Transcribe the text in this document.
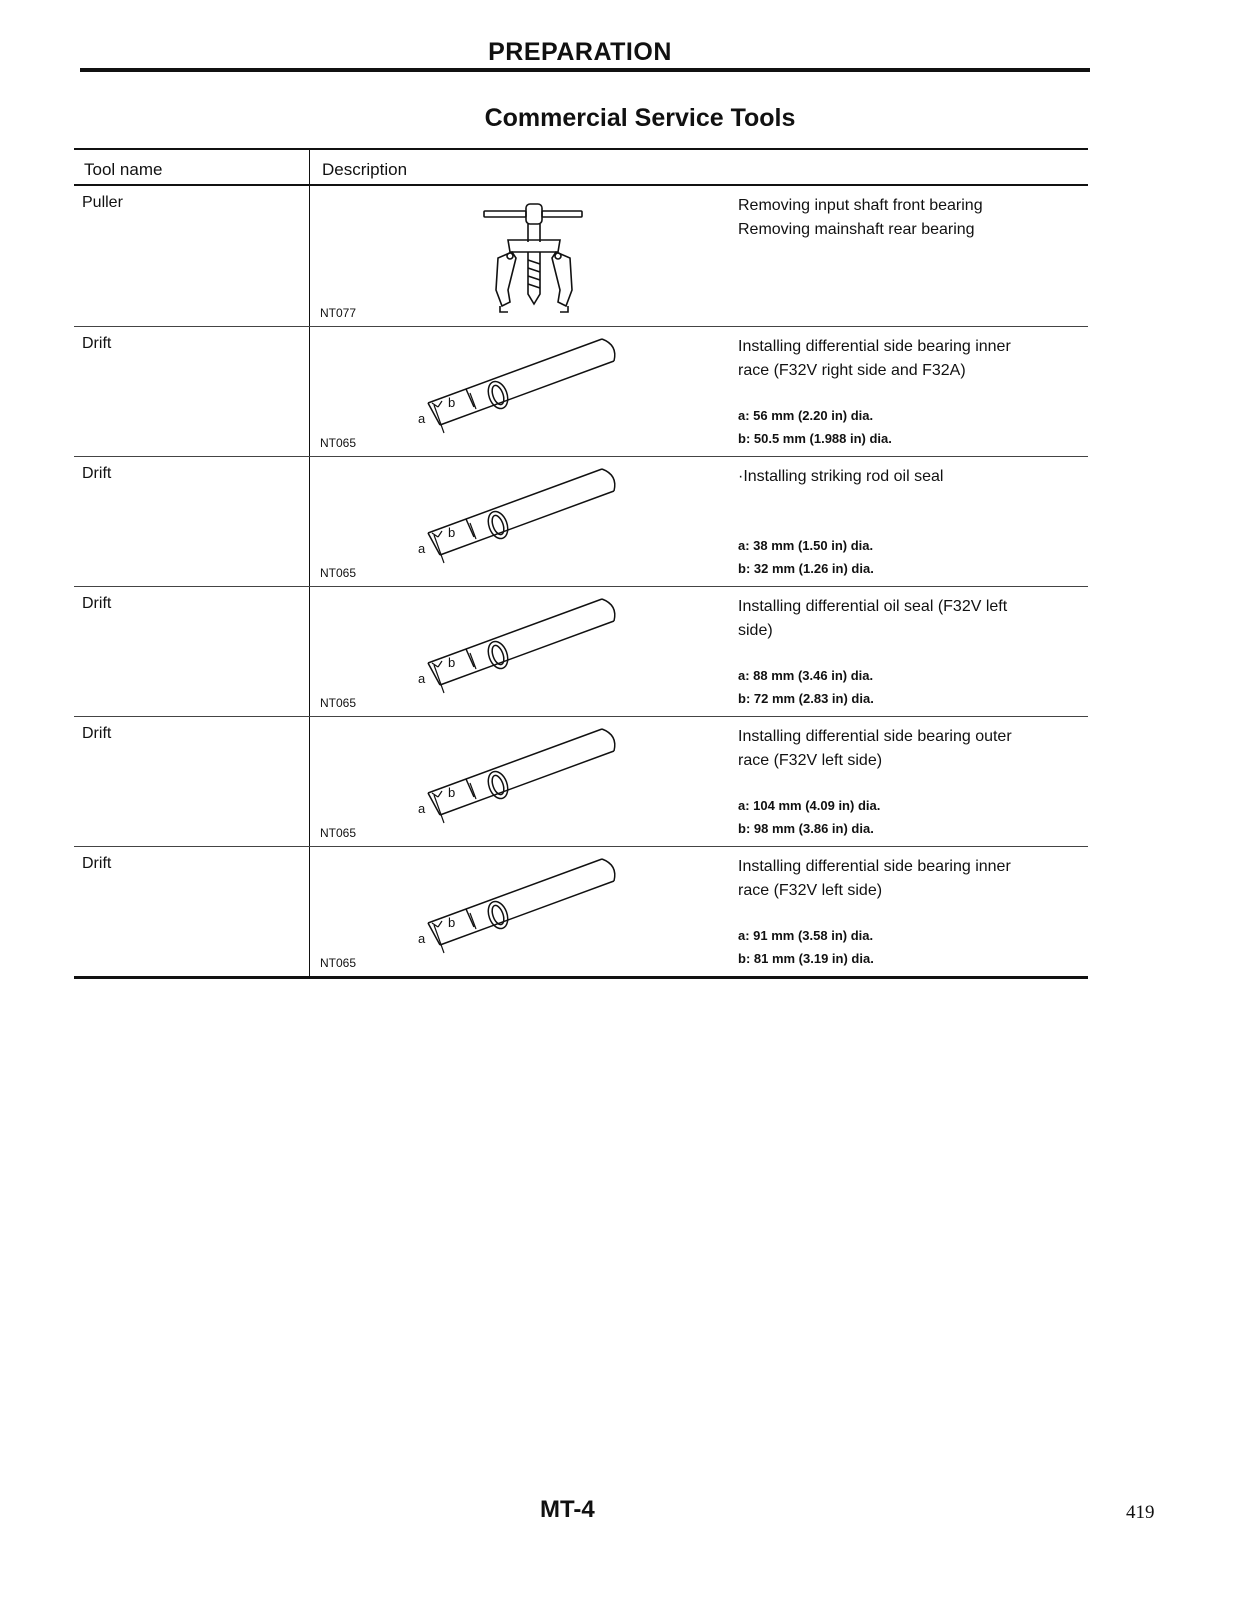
PREPARATION
Commercial Service Tools
Tool name	Description
Puller
NT077
Removing input shaft front bearing
Removing mainshaft rear bearing
Drift
NT065
a
b
Installing differential side bearing inner
race (F32V right side and F32A)
a: 56 mm (2.20 in) dia.
b: 50.5 mm (1.988 in) dia.
Drift
NT065
a
b
·Installing striking rod oil seal
a: 38 mm (1.50 in) dia.
b: 32 mm (1.26 in) dia.
Drift
NT065
a
b
Installing differential oil seal (F32V left
side)
a: 88 mm (3.46 in) dia.
b: 72 mm (2.83 in) dia.
Drift
NT065
a
b
Installing differential side bearing outer
race (F32V left side)
a: 104 mm (4.09 in) dia.
b: 98 mm (3.86 in) dia.
Drift
NT065
a
b
Installing differential side bearing inner
race (F32V left side)
a: 91 mm (3.58 in) dia.
b: 81 mm (3.19 in) dia.
MT-4	419
